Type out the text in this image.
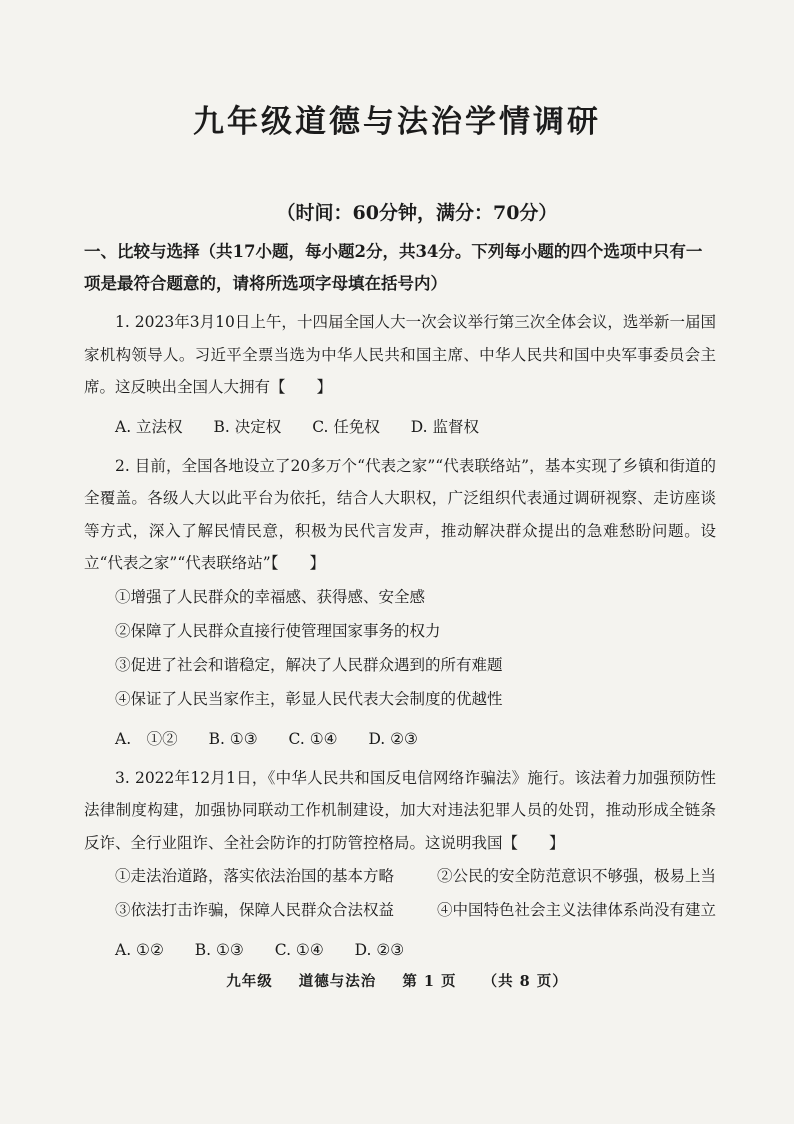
九年级道德与法治学情调研
（时间：60分钟，满分：70分）
一、比较与选择（共17小题，每小题2分，共34分。下列每小题的四个选项中只有一项是最符合题意的，请将所选项字母填在括号内）
1. 2023年3月10日上午，十四届全国人大一次会议举行第三次全体会议，选举新一届国家机构领导人。习近平全票当选为中华人民共和国主席、中华人民共和国中央军事委员会主席。这反映出全国人大拥有【　　】
A. 立法权 B. 决定权 C. 任免权 D. 监督权
2. 目前，全国各地设立了20多万个“代表之家”“代表联络站”，基本实现了乡镇和街道的全覆盖。各级人大以此平台为依托，结合人大职权，广泛组织代表通过调研视察、走访座谈等方式，深入了解民情民意，积极为民代言发声，推动解决群众提出的急难愁盼问题。设立“代表之家”“代表联络站”【　　】
①增强了人民群众的幸福感、获得感、安全感
②保障了人民群众直接行使管理国家事务的权力
③促进了社会和谐稳定，解决了人民群众遇到的所有难题
④保证了人民当家作主，彰显人民代表大会制度的优越性
A.　①② B. ①③ C. ①④ D. ②③
3. 2022年12月1日，《中华人民共和国反电信网络诈骗法》施行。该法着力加强预防性法律制度构建，加强协同联动工作机制建设，加大对违法犯罪人员的处罚，推动形成全链条反诈、全行业阻诈、全社会防诈的打防管控格局。这说明我国【　　】
①走法治道路，落实依法治国的基本方略	②公民的安全防范意识不够强，极易上当
③依法打击诈骗，保障人民群众合法权益	④中国特色社会主义法律体系尚没有建立
A. ①② B. ①③ C. ①④ D. ②③
九年级 道德与法治 第 1 页 （共 8 页）
